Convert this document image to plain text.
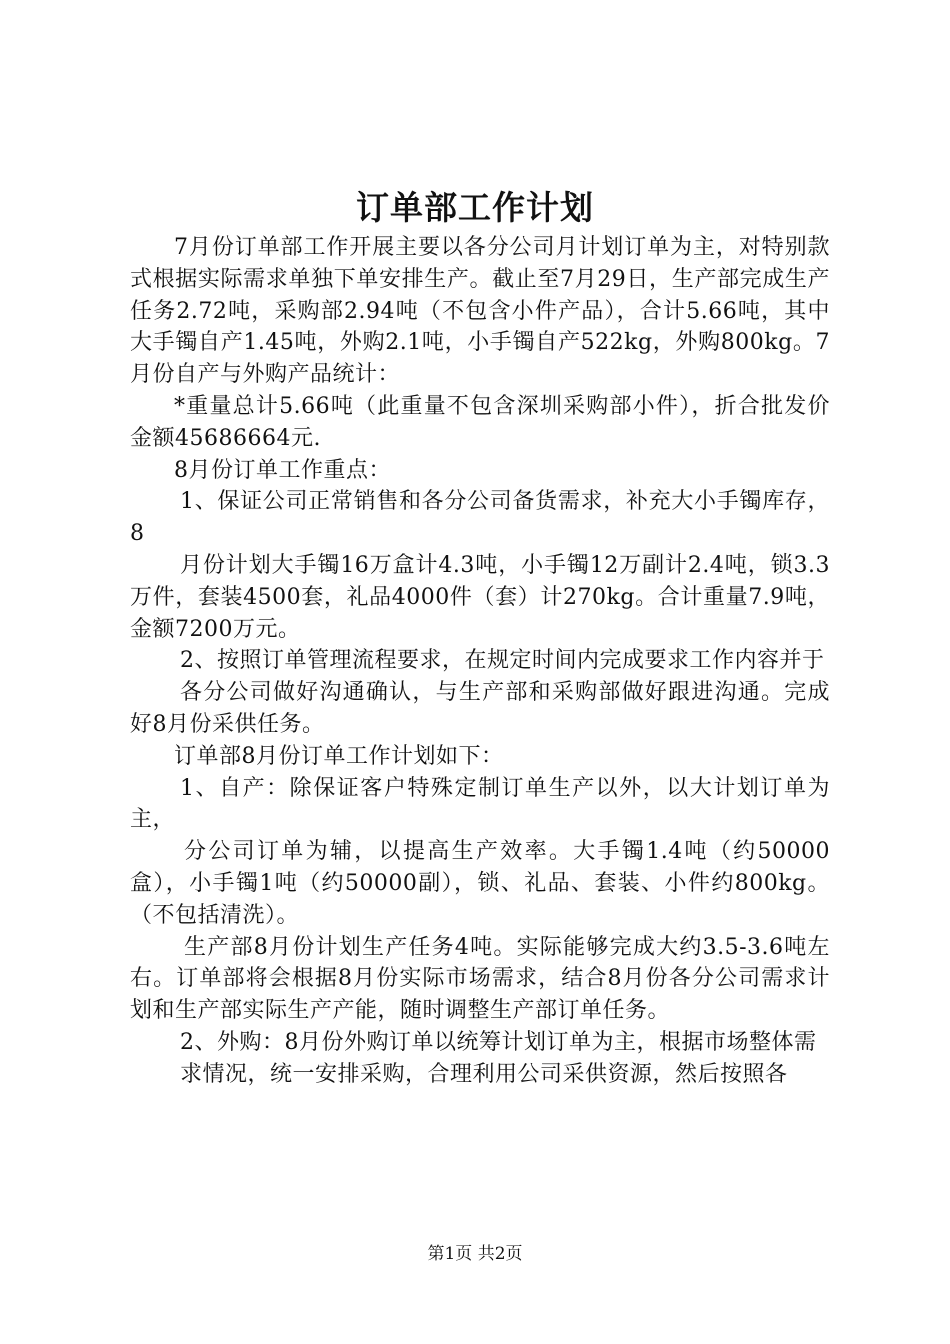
订单部工作计划

7月份订单部工作开展主要以各分公司月计划订单为主，对特别款式根据实际需求单独下单安排生产。截止至7月29日，生产部完成生产任务2.72吨，采购部2.94吨（不包含小件产品），合计5.66吨，其中大手镯自产1.45吨，外购2.1吨，小手镯自产522kg，外购800kg。7月份自产与外购产品统计：

*重量总计5.66吨（此重量不包含深圳采购部小件），折合批发价金额45686664元.

8月份订单工作重点：

1、保证公司正常销售和各分公司备货需求，补充大小手镯库存，8

月份计划大手镯16万盒计4.3吨，小手镯12万副计2.4吨，锁3.3万件，套装4500套，礼品4000件（套）计270kg。合计重量7.9吨，金额7200万元。

2、按照订单管理流程要求，在规定时间内完成要求工作内容并于

各分公司做好沟通确认，与生产部和采购部做好跟进沟通。完成好8月份采供任务。

订单部8月份订单工作计划如下：

1、自产：除保证客户特殊定制订单生产以外，以大计划订单为主，

分公司订单为辅，以提高生产效率。大手镯1.4吨（约50000盒），小手镯1吨（约50000副），锁、礼品、套装、小件约800kg。（不包括清洗）。

生产部8月份计划生产任务4吨。实际能够完成大约3.5-3.6吨左右。订单部将会根据8月份实际市场需求，结合8月份各分公司需求计划和生产部实际生产产能，随时调整生产部订单任务。

2、外购：8月份外购订单以统筹计划订单为主，根据市场整体需

求情况，统一安排采购，合理利用公司采供资源，然后按照各

第1页 共2页
